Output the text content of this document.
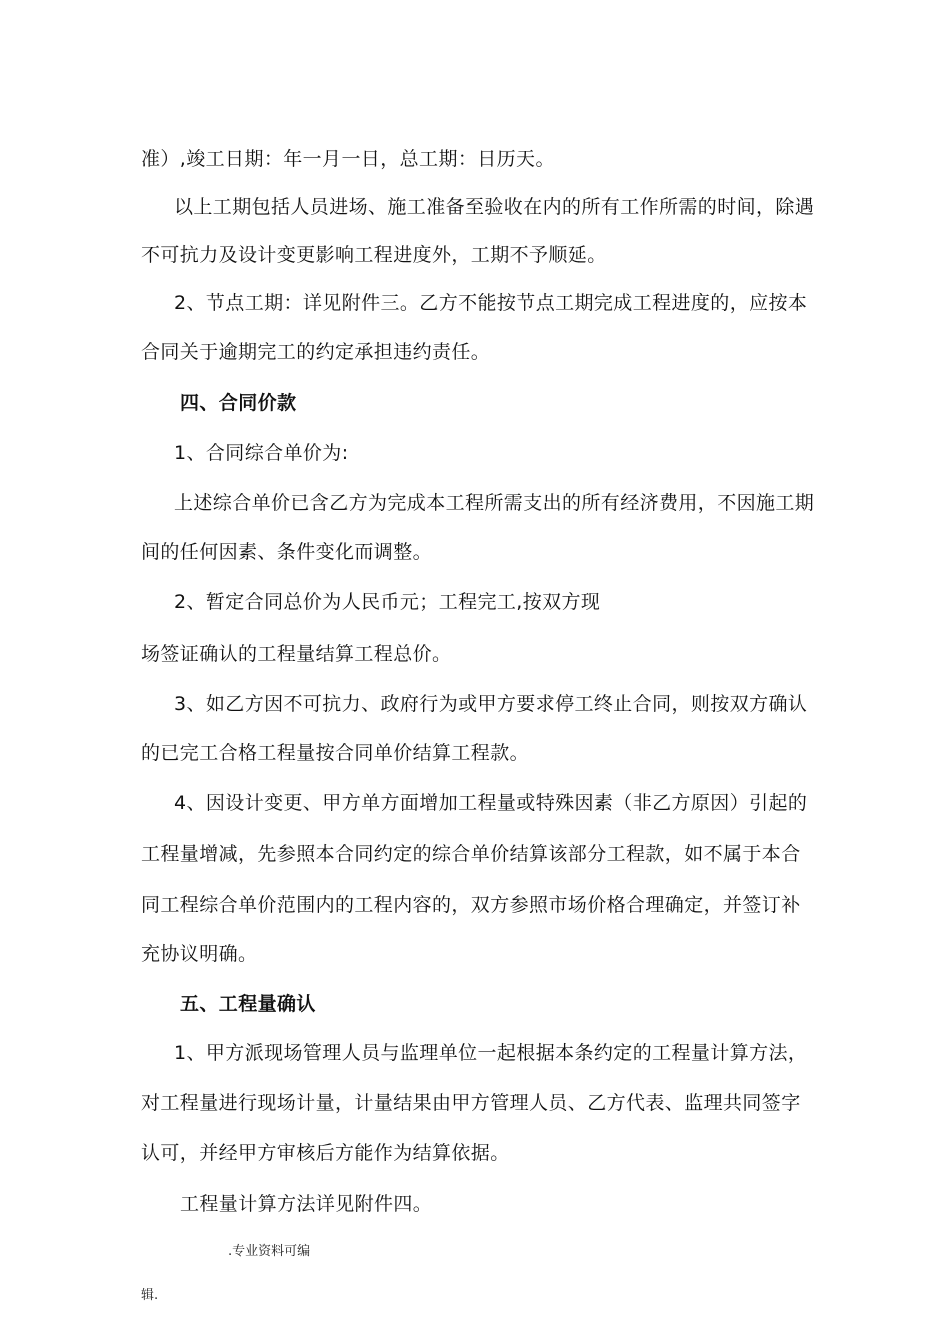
准）,竣工日期：年一月一日，总工期：日历天。

以上工期包括人员进场、施工准备至验收在内的所有工作所需的时间，除遇

不可抗力及设计变更影响工程进度外，工期不予顺延。

2、节点工期：详见附件三。乙方不能按节点工期完成工程进度的，应按本

合同关于逾期完工的约定承担违约责任。

四、合同价款

1、合同综合单价为:

上述综合单价已含乙方为完成本工程所需支出的所有经济费用，不因施工期

间的任何因素、条件变化而调整。

2、暂定合同总价为人民币元；工程完工,按双方现

场签证确认的工程量结算工程总价。

3、如乙方因不可抗力、政府行为或甲方要求停工终止合同，则按双方确认

的已完工合格工程量按合同单价结算工程款。

4、因设计变更、甲方单方面增加工程量或特殊因素（非乙方原因）引起的

工程量增减，先参照本合同约定的综合单价结算该部分工程款，如不属于本合

同工程综合单价范围内的工程内容的，双方参照市场价格合理确定，并签订补

充协议明确。

五、工程量确认

1、甲方派现场管理人员与监理单位一起根据本条约定的工程量计算方法，

对工程量进行现场计量，计量结果由甲方管理人员、乙方代表、监理共同签字

认可，并经甲方审核后方能作为结算依据。

工程量计算方法详见附件四。

.专业资料可编
辑.
